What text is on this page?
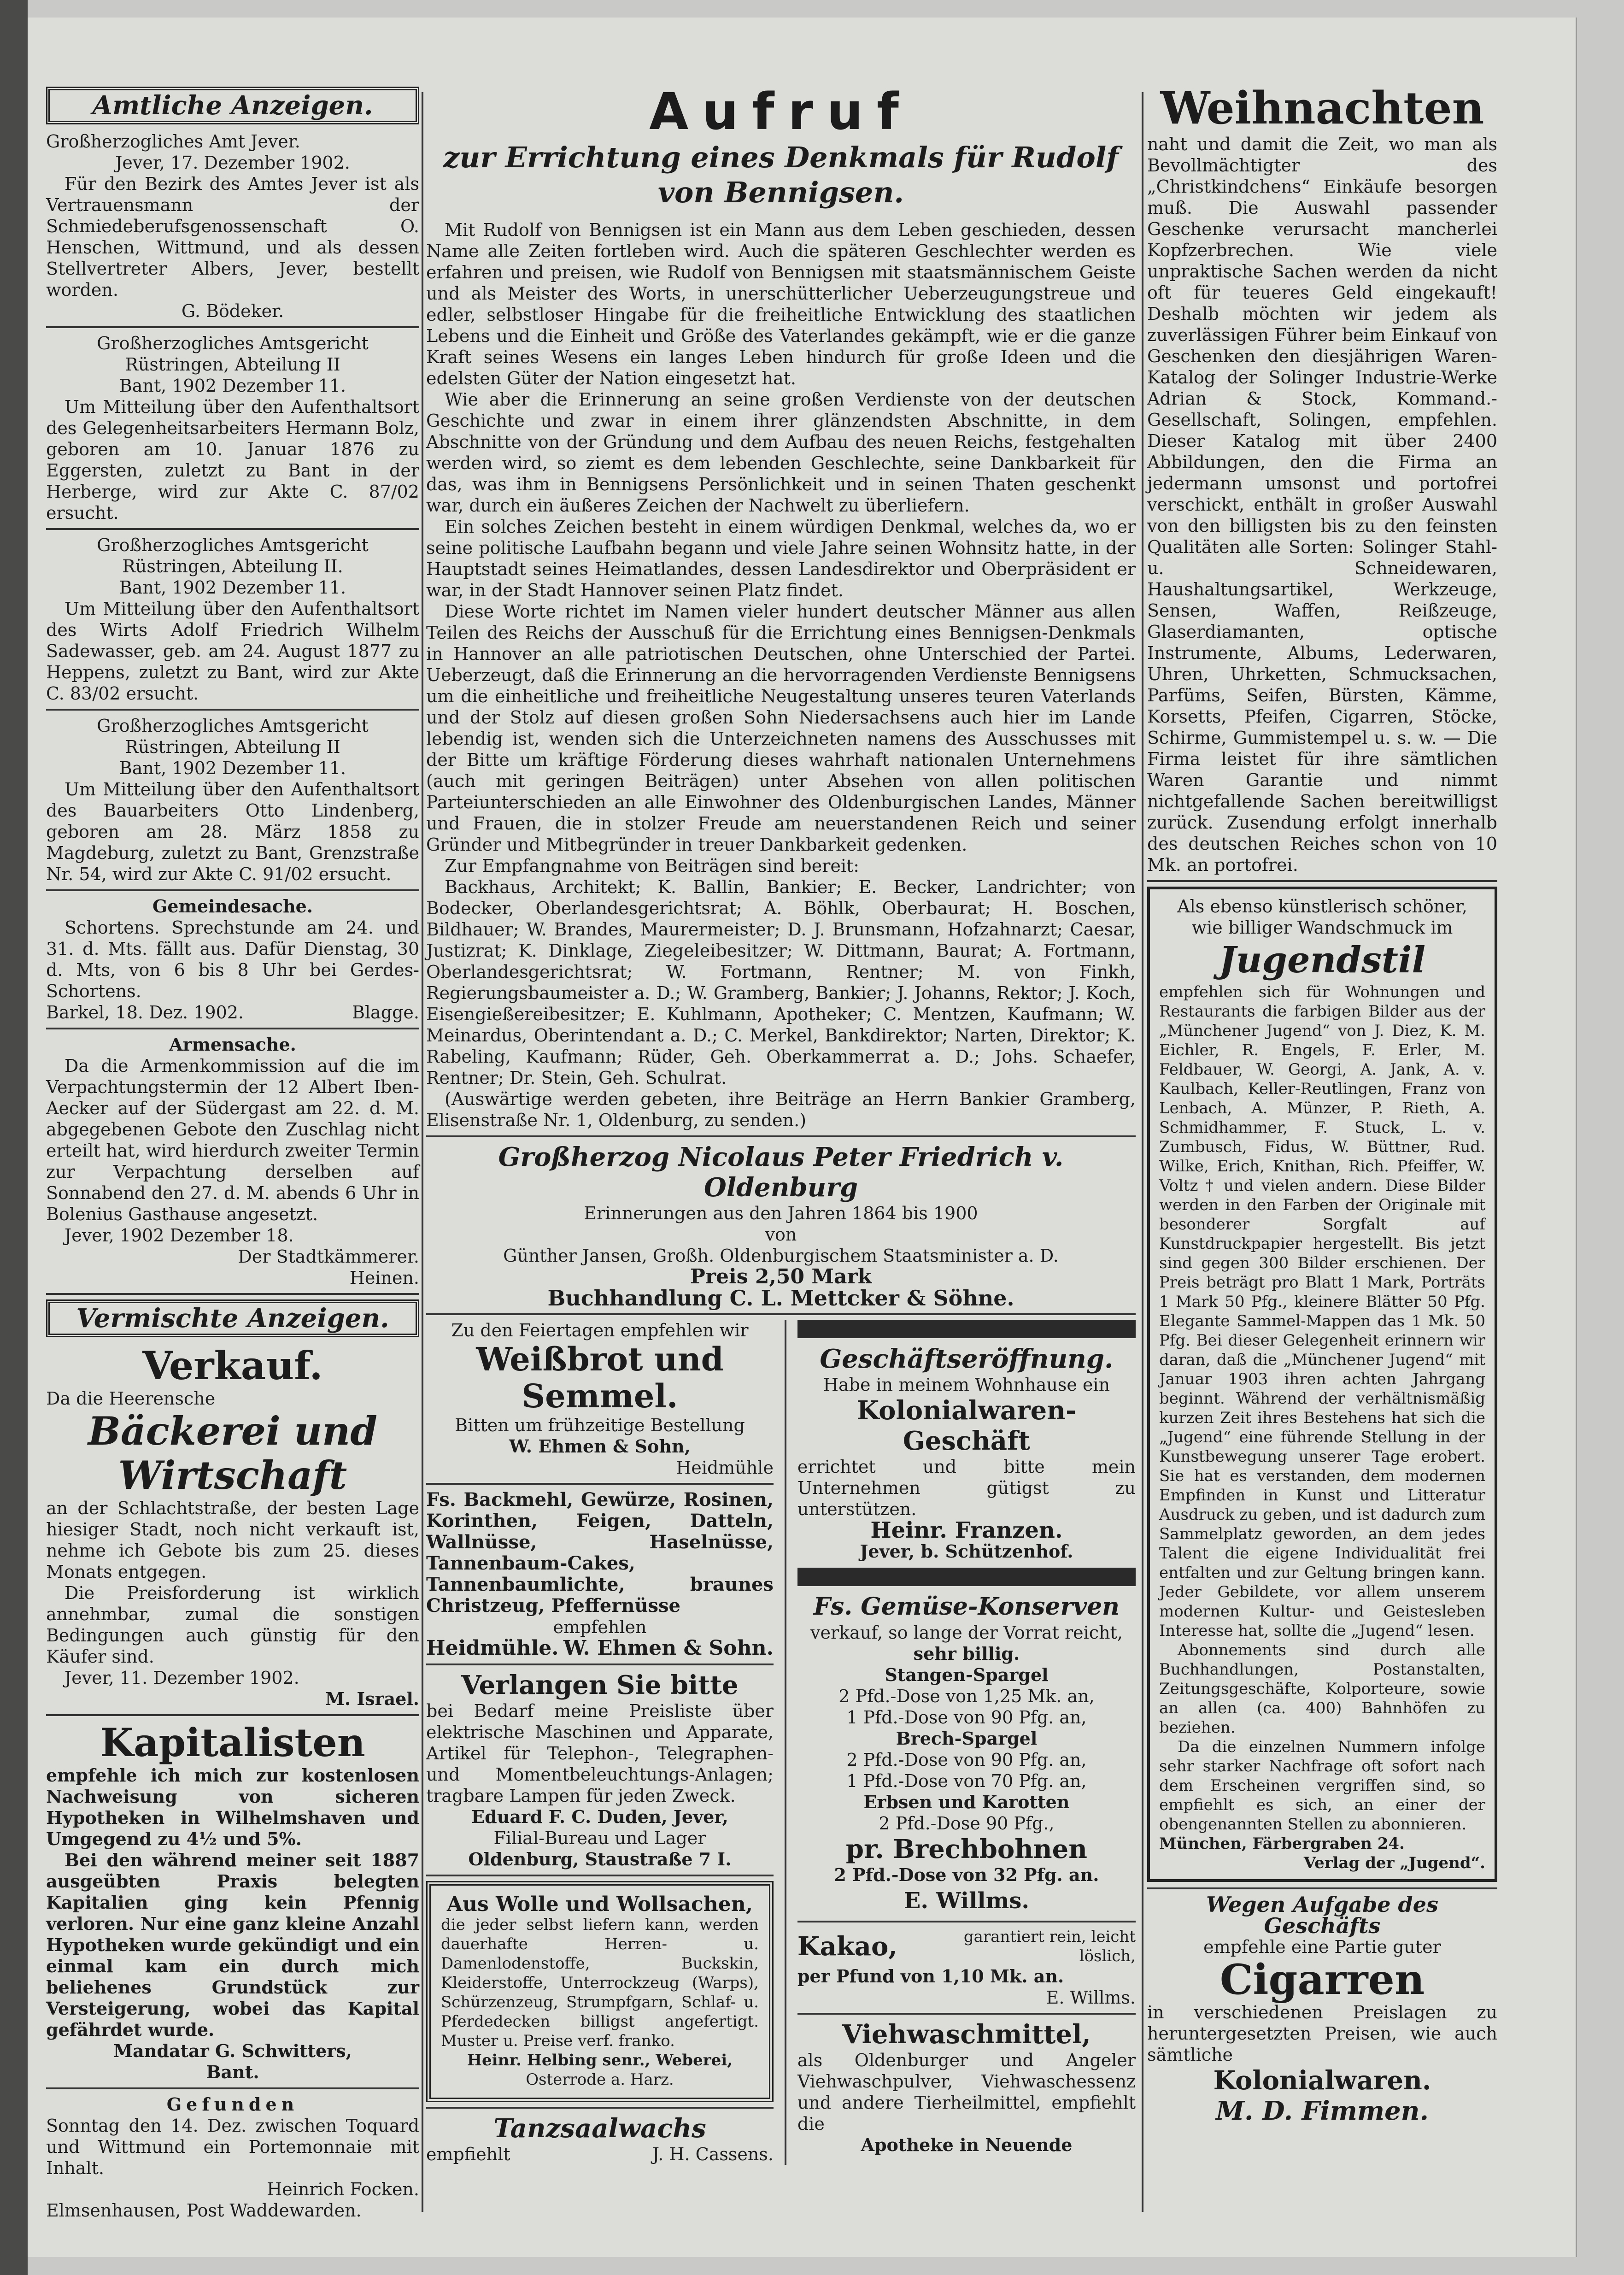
Amtliche Anzeigen.
Großherzogliches Amt Jever.
Jever, 17. Dezember 1902.

Für den Bezirk des Amtes Jever ist als Vertrauensmann der Schmiedeberufsgenossenschaft O. Henschen, Wittmund, und als dessen Stellvertreter Albers, Jever, bestellt worden.

G. Bödeker.
Großherzogliches Amtsgericht Rüstringen, Abteilung II
Bant, 1902 Dezember 11.

Um Mitteilung über den Aufenthaltsort des Gelegenheitsarbeiters Hermann Bolz, geboren am 10. Januar 1876 zu Eggersten, zuletzt zu Bant in der Herberge, wird zur Akte C. 87/02 ersucht.

Großherzogliches Amtsgericht Rüstringen, Abteilung II.
Bant, 1902 Dezember 11.

Um Mitteilung über den Aufenthaltsort des Wirts Adolf Friedrich Wilhelm Sadewasser, geb. am 24. August 1877 zu Heppens, zuletzt zu Bant, wird zur Akte C. 83/02 ersucht.

Großherzogliches Amtsgericht Rüstringen, Abteilung II
Bant, 1902 Dezember 11.

Um Mitteilung über den Aufenthaltsort des Bauarbeiters Otto Lindenberg, geboren am 28. März 1858 zu Magdeburg, zuletzt zu Bant, Grenzstraße Nr. 54, wird zur Akte C. 91/02 ersucht.

Gemeindesache.

Schortens. Sprechstunde am 24. und 31. d. Mts. fällt aus. Dafür Dienstag, 30 d. Mts, von 6 bis 8 Uhr bei Gerdes-Schortens.

Barkel, 18. Dez. 1902.	Blagge.
Armensache.

Da die Armenkommission auf die im Verpachtungstermin der 12 Albert Iben-Aecker auf der Südergast am 22. d. M. abgegebenen Gebote den Zuschlag nicht erteilt hat, wird hierdurch zweiter Termin zur Verpachtung derselben auf Sonnabend den 27. d. M. abends 6 Uhr in Bolenius Gasthause angesetzt.

Jever, 1902 Dezember 18.
Der Stadtkämmerer.
Heinen.
Vermischte Anzeigen.
Verkauf.
Da die Heerensche
Bäckerei und
Wirtschaft

an der Schlachtstraße, der besten Lage hiesiger Stadt, noch nicht verkauft ist, nehme ich Gebote bis zum 25. dieses Monats entgegen.

Die Preisforderung ist wirklich annehmbar, zumal die sonstigen Bedingungen auch günstig für den Käufer sind.

Jever, 11. Dezember 1902.
M. Israel.
Kapitalisten

empfehle ich mich zur kostenlosen Nachweisung von sicheren Hypotheken in Wilhelmshaven und Umgegend zu 4½ und 5%.

Bei den während meiner seit 1887 ausgeübten Praxis belegten Kapitalien ging kein Pfennig verloren. Nur eine ganz kleine Anzahl Hypotheken wurde gekündigt und ein einmal kam ein durch mich beliehenes Grundstück zur Versteigerung, wobei das Kapital gefährdet wurde.

Mandatar G. Schwitters,
Bant.
Gefunden

Sonntag den 14. Dez. zwischen Toquard und Wittmund ein Portemonnaie mit Inhalt.

Heinrich Focken.
Elmsenhausen, Post Waddewarden.
Aufruf
zur Errichtung eines Denkmals für Rudolf von Bennigsen.

Mit Rudolf von Bennigsen ist ein Mann aus dem Leben geschieden, dessen Name alle Zeiten fortleben wird. Auch die späteren Geschlechter werden es erfahren und preisen, wie Rudolf von Bennigsen mit staatsmännischem Geiste und als Meister des Worts, in unerschütterlicher Ueberzeugungstreue und edler, selbstloser Hingabe für die freiheitliche Entwicklung des staatlichen Lebens und die Einheit und Größe des Vaterlandes gekämpft, wie er die ganze Kraft seines Wesens ein langes Leben hindurch für große Ideen und die edelsten Güter der Nation eingesetzt hat.

Wie aber die Erinnerung an seine großen Verdienste von der deutschen Geschichte und zwar in einem ihrer glänzendsten Abschnitte, in dem Abschnitte von der Gründung und dem Aufbau des neuen Reichs, festgehalten werden wird, so ziemt es dem lebenden Geschlechte, seine Dankbarkeit für das, was ihm in Bennigsens Persönlichkeit und in seinen Thaten geschenkt war, durch ein äußeres Zeichen der Nachwelt zu überliefern.

Ein solches Zeichen besteht in einem würdigen Denkmal, welches da, wo er seine politische Laufbahn begann und viele Jahre seinen Wohnsitz hatte, in der Hauptstadt seines Heimatlandes, dessen Landesdirektor und Oberpräsident er war, in der Stadt Hannover seinen Platz findet.

Diese Worte richtet im Namen vieler hundert deutscher Männer aus allen Teilen des Reichs der Ausschuß für die Errichtung eines Bennigsen-Denkmals in Hannover an alle patriotischen Deutschen, ohne Unterschied der Partei. Ueberzeugt, daß die Erinnerung an die hervorragenden Verdienste Bennigsens um die einheitliche und freiheitliche Neugestaltung unseres teuren Vaterlands und der Stolz auf diesen großen Sohn Niedersachsens auch hier im Lande lebendig ist, wenden sich die Unterzeichneten namens des Ausschusses mit der Bitte um kräftige Förderung dieses wahrhaft nationalen Unternehmens (auch mit geringen Beiträgen) unter Absehen von allen politischen Parteiunterschieden an alle Einwohner des Oldenburgischen Landes, Männer und Frauen, die in stolzer Freude am neuerstandenen Reich und seiner Gründer und Mitbegründer in treuer Dankbarkeit gedenken.

Zur Empfangnahme von Beiträgen sind bereit:

Backhaus, Architekt; K. Ballin, Bankier; E. Becker, Landrichter; von Bodecker, Oberlandesgerichtsrat; A. Böhlk, Oberbaurat; H. Boschen, Bildhauer; W. Brandes, Maurermeister; D. J. Brunsmann, Hofzahnarzt; Caesar, Justizrat; K. Dinklage, Ziegeleibesitzer; W. Dittmann, Baurat; A. Fortmann, Oberlandesgerichtsrat; W. Fortmann, Rentner; M. von Finkh, Regierungsbaumeister a. D.; W. Gramberg, Bankier; J. Johanns, Rektor; J. Koch, Eisengießereibesitzer; E. Kuhlmann, Apotheker; C. Mentzen, Kaufmann; W. Meinardus, Oberintendant a. D.; C. Merkel, Bankdirektor; Narten, Direktor; K. Rabeling, Kaufmann; Rüder, Geh. Oberkammerrat a. D.; Johs. Schaefer, Rentner; Dr. Stein, Geh. Schulrat.

(Auswärtige werden gebeten, ihre Beiträge an Herrn Bankier Gramberg, Elisenstraße Nr. 1, Oldenburg, zu senden.)

Großherzog Nicolaus Peter Friedrich v. Oldenburg
Erinnerungen aus den Jahren 1864 bis 1900
von
Günther Jansen, Großh. Oldenburgischem Staatsminister a. D.
Preis 2,50 Mark
Buchhandlung C. L. Mettcker & Söhne.
Zu den Feiertagen empfehlen wir
Weißbrot und
Semmel.
Bitten um frühzeitige Bestellung
W. Ehmen & Sohn,
Heidmühle

Fs. Backmehl, Gewürze, Rosinen, Korinthen, Feigen, Datteln, Wallnüsse, Haselnüsse, Tannenbaum-Cakes, Tannenbaumlichte, braunes Christzeug, Pfeffernüsse

empfehlen
Heidmühle. W. Ehmen & Sohn.
Verlangen Sie bitte

bei Bedarf meine Preisliste über elektrische Maschinen und Apparate, Artikel für Telephon-, Telegraphen- und Momentbeleuchtungs-Anlagen; tragbare Lampen für jeden Zweck.

Eduard F. C. Duden, Jever,
Filial-Bureau und Lager
Oldenburg, Staustraße 7 I.
Aus Wolle und Wollsachen,

die jeder selbst liefern kann, werden dauerhafte Herren- u. Damenlodenstoffe, Buckskin, Kleiderstoffe, Unterrockzeug (Warps), Schürzenzeug, Strumpfgarn, Schlaf- u. Pferdedecken billigst angefertigt. Muster u. Preise verf. franko.

Heinr. Helbing senr., Weberei,
Osterrode a. Harz.
Tanzsaalwachs
empfiehlt	J. H. Cassens.
Geschäftseröffnung.
Habe in meinem Wohnhause ein
Kolonialwaren-
Geschäft

errichtet und bitte mein Unternehmen gütigst zu unterstützen.

Heinr. Franzen.
Jever, b. Schützenhof.
Fs. Gemüse-Konserven
verkauf, so lange der Vorrat reicht,
sehr billig.
Stangen-Spargel
2 Pfd.-Dose von 1,25 Mk. an,
1 Pfd.-Dose von 90 Pfg. an,
Brech-Spargel
2 Pfd.-Dose von 90 Pfg. an,
1 Pfd.-Dose von 70 Pfg. an,
Erbsen und Karotten
2 Pfd.-Dose 90 Pfg.,
pr. Brechbohnen
2 Pfd.-Dose von 32 Pfg. an.
E. Willms.
Kakao,	garantiert rein, leicht löslich,
per Pfund von 1,10 Mk. an.
E. Willms.
Viehwaschmittel,

als Oldenburger und Angeler Viehwaschpulver, Viehwaschessenz und andere Tierheilmittel, empfiehlt die

Apotheke in Neuende
Weihnachten

naht und damit die Zeit, wo man als Bevollmächtigter des „Christkindchens“ Einkäufe besorgen muß. Die Auswahl passender Geschenke verursacht mancherlei Kopfzerbrechen. Wie viele unpraktische Sachen werden da nicht oft für teueres Geld eingekauft! Deshalb möchten wir jedem als zuverlässigen Führer beim Einkauf von Geschenken den diesjährigen Waren-Katalog der Solinger Industrie-Werke Adrian & Stock, Kommand.-Gesellschaft, Solingen, empfehlen. Dieser Katalog mit über 2400 Abbildungen, den die Firma an jedermann umsonst und portofrei verschickt, enthält in großer Auswahl von den billigsten bis zu den feinsten Qualitäten alle Sorten: Solinger Stahl- u. Schneidewaren, Haushaltungsartikel, Werkzeuge, Sensen, Waffen, Reißzeuge, Glaserdiamanten, optische Instrumente, Albums, Lederwaren, Uhren, Uhrketten, Schmucksachen, Parfüms, Seifen, Bürsten, Kämme, Korsetts, Pfeifen, Cigarren, Stöcke, Schirme, Gummistempel u. s. w. — Die Firma leistet für ihre sämtlichen Waren Garantie und nimmt nichtgefallende Sachen bereitwilligst zurück. Zusendung erfolgt innerhalb des deutschen Reiches schon von 10 Mk. an portofrei.

Als ebenso künstlerisch schöner, wie billiger Wandschmuck im
Jugendstil

empfehlen sich für Wohnungen und Restaurants die farbigen Bilder aus der „Münchener Jugend“ von J. Diez, K. M. Eichler, R. Engels, F. Erler, M. Feldbauer, W. Georgi, A. Jank, A. v. Kaulbach, Keller-Reutlingen, Franz von Lenbach, A. Münzer, P. Rieth, A. Schmidhammer, F. Stuck, L. v. Zumbusch, Fidus, W. Büttner, Rud. Wilke, Erich, Knithan, Rich. Pfeiffer, W. Voltz † und vielen andern. Diese Bilder werden in den Farben der Originale mit besonderer Sorgfalt auf Kunstdruckpapier hergestellt. Bis jetzt sind gegen 300 Bilder erschienen. Der Preis beträgt pro Blatt 1 Mark, Porträts 1 Mark 50 Pfg., kleinere Blätter 50 Pfg. Elegante Sammel-Mappen das 1 Mk. 50 Pfg. Bei dieser Gelegenheit erinnern wir daran, daß die „Münchener Jugend“ mit Januar 1903 ihren achten Jahrgang beginnt. Während der verhältnismäßig kurzen Zeit ihres Bestehens hat sich die „Jugend“ eine führende Stellung in der Kunstbewegung unserer Tage erobert. Sie hat es verstanden, dem modernen Empfinden in Kunst und Litteratur Ausdruck zu geben, und ist dadurch zum Sammelplatz geworden, an dem jedes Talent die eigene Individualität frei entfalten und zur Geltung bringen kann. Jeder Gebildete, vor allem unserem modernen Kultur- und Geistesleben Interesse hat, sollte die „Jugend“ lesen.

Abonnements sind durch alle Buchhandlungen, Postanstalten, Zeitungsgeschäfte, Kolporteure, sowie an allen (ca. 400) Bahnhöfen zu beziehen.

Da die einzelnen Nummern infolge sehr starker Nachfrage oft sofort nach dem Erscheinen vergriffen sind, so empfiehlt es sich, an einer der obengenannten Stellen zu abonnieren.

München, Färbergraben 24.
Verlag der „Jugend“.
Wegen Aufgabe des Geschäfts
empfehle eine Partie guter
Cigarren

in verschiedenen Preislagen zu heruntergesetzten Preisen, wie auch sämtliche

Kolonialwaren.
M. D. Fimmen.
